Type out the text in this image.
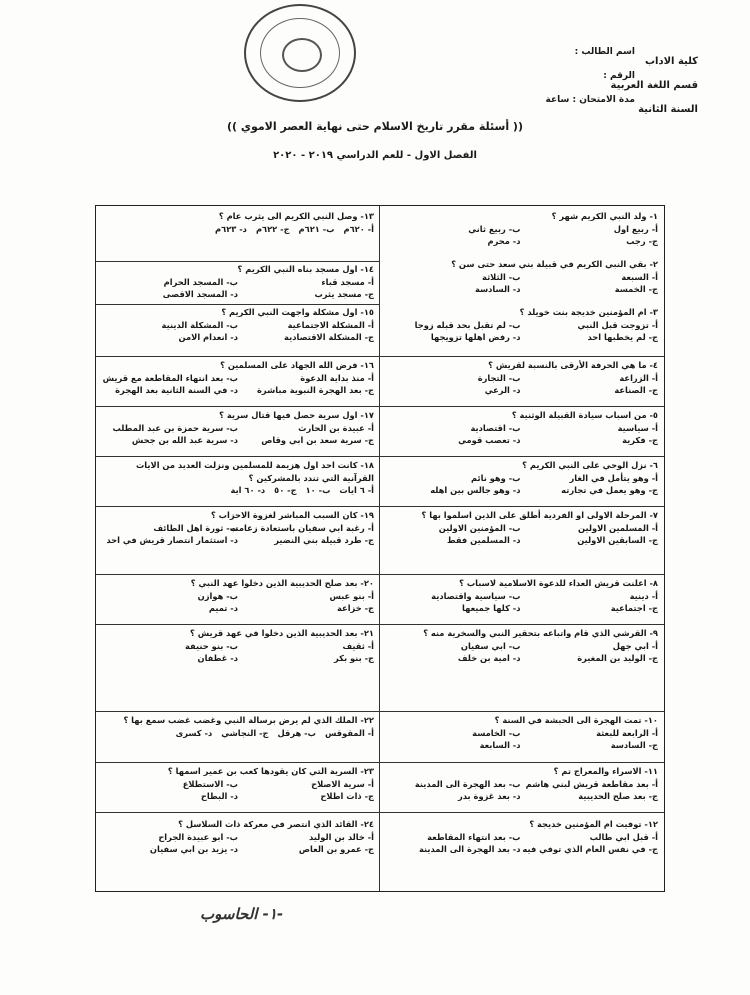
كلية الاداب
قسم اللغة العربية
السنة الثانية
اسم الطالب :
الرقم :
مدة الامتحان : ساعة
(( أسئلة مقرر تاريخ الاسلام حتى نهاية العصر الاموي ))
الفصل الاول - للعم الدراسي ٢٠١٩ - ٢٠٢٠
١- ولد النبي الكريم شهر ؟
أ- ربيع اول
ب- ربيع ثاني
ج- رجب
د- محرم
٢- بقي النبي الكريم في قبيلة بني سعد حتى سن ؟
أ- السبعة
ب- الثلاثة
ج- الخمسة
د- السادسة
٣- ام المؤمنين خديجة بنت خويلد ؟
أ- تزوجت قبل النبي
ب- لم تقبل بحد قبله زوجا
ج- لم يخطبها احد
د- رفض اهلها تزويجها
٤- ما هي الحرفة الأرقى بالنسبة لقريش ؟
أ- الزراعة
ب- التجارة
ج- الصناعة
د- الرعي
٥- من اسباب سيادة القبيلة الوثنية ؟
أ- سياسية
ب- اقتصادية
ج- فكرية
د- تعصب قومي
٦- نزل الوحي على النبي الكريم ؟
أ- وهو يتأمل في الغار
ب- وهو نائم
ج- وهو يعمل في تجارته
د- وهو جالس بين اهله
٧- المرحلة الاولى او الفردية أطلق على الذين اسلموا بها ؟
أ- المسلمين الاولين
ب- المؤمنين الاولين
ج- السابقين الاولين
د- المسلمين فقط
٨- اعلنت قريش العداء للدعوة الاسلامية لاسباب ؟
أ- دينية
ب- سياسية واقتصادية
ج- اجتماعية
د- كلها جميعها
٩- القرشي الذي قام واتباعه بتحقير النبي والسخرية منه ؟
أ- ابي جهل
ب- ابي سفيان
ج- الوليد بن المغيرة
د- امية بن خلف
١٠- تمت الهجرة الى الحبشة في السنة ؟
أ- الرابعة للبعثة
ب- الخامسة
ج- السادسة
د- السابعة
١١- الاسراء والمعراج تم ؟
أ- بعد مقاطعة قريش لبني هاشم
ب- بعد الهجرة الى المدينة
ج- بعد صلح الحديبية
د- بعد غزوة بدر
١٢- توفيت ام المؤمنين خديجة ؟
أ- قبل ابي طالب
ب- بعد انتهاء المقاطعة
ج- في نفس العام الذي توفي فيه
د- بعد الهجرة الى المدينة
١٣- وصل النبي الكريم الى يثرب عام ؟
أ- ٦٢٠م
ب- ٦٢١م
ج- ٦٢٢م
د- ٦٢٣م
١٤- اول مسجد بناه النبي الكريم ؟
أ- مسجد قباء
ب- المسجد الحرام
ج- مسجد يثرب
د- المسجد الاقصى
١٥- اول مشكلة واجهت النبي الكريم ؟
أ- المشكلة الاجتماعية
ب- المشكلة الدينية
ج- المشكلة الاقتصادية
د- انعدام الامن
١٦- فرض الله الجهاد على المسلمين ؟
أ- منذ بداية الدعوة
ب- بعد انتهاء المقاطعة مع قريش
ج- بعد الهجرة النبوية مباشرة
د- في السنة الثانية بعد الهجرة
١٧- اول سرية حصل فيها قتال سرية ؟
أ- عبيدة بن الحارث
ب- سرية حمزة بن عبد المطلب
ج- سرية سعد بن ابي وقاص
د- سرية عبد الله بن جحش
١٨- كانت احد اول هزيمة للمسلمين ونزلت العديد من الايات القرآنية التي تندد بالمشركين ؟
أ- ٦ ايات
ب- ١٠
ج- ٥٠
د- ٦٠ اية
١٩- كان السبب المباشر لغزوة الاحزاب ؟
أ- رغبة ابي سفيان باستعادة زعامته
ب- ثورة اهل الطائف
ج- طرد قبيلة بني النضير
د- استثمار انتصار قريش في احد
٢٠- بعد صلح الحديبية الذين دخلوا عهد النبي ؟
أ- بنو عبس
ب- هوازن
ج- خزاعة
د- تميم
٢١- بعد الحديبية الذين دخلوا في عهد قريش ؟
أ- ثقيف
ب- بنو حنيفة
ج- بنو بكر
د- غطفان
٢٢- الملك الذي لم يرض برسالة النبي وغضب غضب سمع بها ؟
أ- المقوقس
ب- هرقل
ج- النجاشي
د- كسرى
٢٣- السرية التي كان يقودها كعب بن عمير اسمها ؟
أ- سرية الاصلاح
ب- الاستطلاع
ج- ذات اطلاح
د- البطاح
٢٤- القائد الذي انتصر في معركة ذات السلاسل ؟
أ- خالد بن الوليد
ب- ابو عبيدة الجراح
ج- عمرو بن العاص
د- يزيد بن ابي سفيان
-١- الحاسوب
